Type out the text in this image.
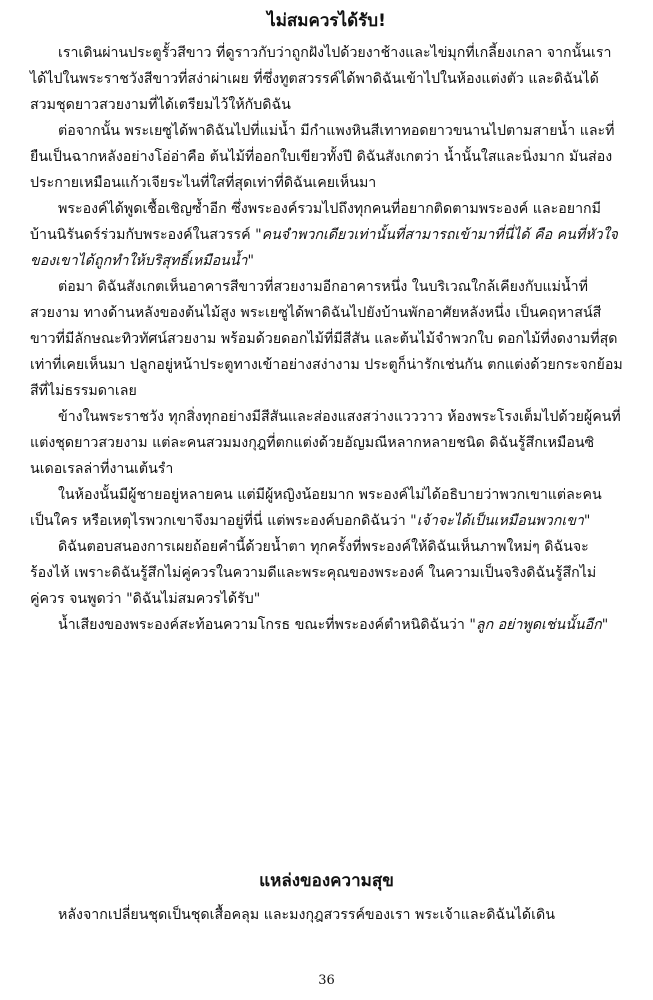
ไม่สมควรได้รับ!

เราเดินผ่านประตูรั้วสีขาว ที่ดูราวกับว่าถูกฝังไปด้วยงาช้างและไข่มุกที่เกลี้ยงเกลา จากนั้นเราได้ไปในพระราชวังสีขาวที่สง่าผ่าเผย ที่ซึ่งทูตสวรรค์ได้พาดิฉันเข้าไปในห้องแต่งตัว และดิฉันได้สวมชุดยาวสวยงามที่ได้เตรียมไว้ให้กับดิฉัน

ต่อจากนั้น พระเยซูได้พาดิฉันไปที่แม่น้ำ มีกำแพงหินสีเทาทอดยาวขนานไปตามสายน้ำ และที่ยืนเป็นฉากหลังอย่างโอ่อ่าคือ ต้นไม้ที่ออกใบเขียวทั้งปี ดิฉันสังเกตว่า น้ำนั้นใสและนิ่งมาก มันส่องประกายเหมือนแก้วเจียระไนที่ใสที่สุดเท่าที่ดิฉันเคยเห็นมา

พระองค์ได้พูดเชื้อเชิญซ้ำอีก ซึ่งพระองค์รวมไปถึงทุกคนที่อยากติดตามพระองค์ และอยากมีบ้านนิรันดร์ร่วมกับพระองค์ในสวรรค์ "คนจำพวกเดียวเท่านั้นที่สามารถเข้ามาที่นี่ได้ คือ คนที่หัวใจของเขาได้ถูกทำให้บริสุทธิ์เหมือนน้ำ"

ต่อมา ดิฉันสังเกตเห็นอาคารสีขาวที่สวยงามอีกอาคารหนึ่ง ในบริเวณใกล้เคียงกับแม่น้ำที่สวยงาม ทางด้านหลังของต้นไม้สูง พระเยซูได้พาดิฉันไปยังบ้านพักอาศัยหลังหนึ่ง เป็นคฤหาสน์สีขาวที่มีลักษณะทิวทัศน์สวยงาม พร้อมด้วยดอกไม้ที่มีสีสัน และต้นไม้จำพวกใบ ดอกไม้ที่งดงามที่สุดเท่าที่เคยเห็นมา ปลูกอยู่หน้าประตูทางเข้าอย่างสง่างาม ประตูก็น่ารักเช่นกัน ตกแต่งด้วยกระจกย้อมสีที่ไม่ธรรมดาเลย

ข้างในพระราชวัง ทุกสิ่งทุกอย่างมีสีสันและส่องแสงสว่างแวววาว ห้องพระโรงเต็มไปด้วยผู้คนที่แต่งชุดยาวสวยงาม แต่ละคนสวมมงกุฎที่ตกแต่งด้วยอัญมณีหลากหลายชนิด ดิฉันรู้สึกเหมือนซินเดอเรลล่าที่งานเต้นรำ

ในห้องนั้นมีผู้ชายอยู่หลายคน แต่มีผู้หญิงน้อยมาก พระองค์ไม่ได้อธิบายว่าพวกเขาแต่ละคนเป็นใคร หรือเหตุไรพวกเขาจึงมาอยู่ที่นี่ แต่พระองค์บอกดิฉันว่า "เจ้าจะได้เป็นเหมือนพวกเขา"

ดิฉันตอบสนองการเผยถ้อยคำนี้ด้วยน้ำตา ทุกครั้งที่พระองค์ให้ดิฉันเห็นภาพใหม่ๆ ดิฉันจะร้องไห้ เพราะดิฉันรู้สึกไม่คู่ควรในความดีและพระคุณของพระองค์ ในความเป็นจริงดิฉันรู้สึกไม่คู่ควร จนพูดว่า "ดิฉันไม่สมควรได้รับ"

น้ำเสียงของพระองค์สะท้อนความโกรธ ขณะที่พระองค์ตำหนิดิฉันว่า "ลูก อย่าพูดเช่นนั้นอีก"

แหล่งของความสุข

หลังจากเปลี่ยนชุดเป็นชุดเสื้อคลุม และมงกุฎสวรรค์ของเรา พระเจ้าและดิฉันได้เดิน

36
